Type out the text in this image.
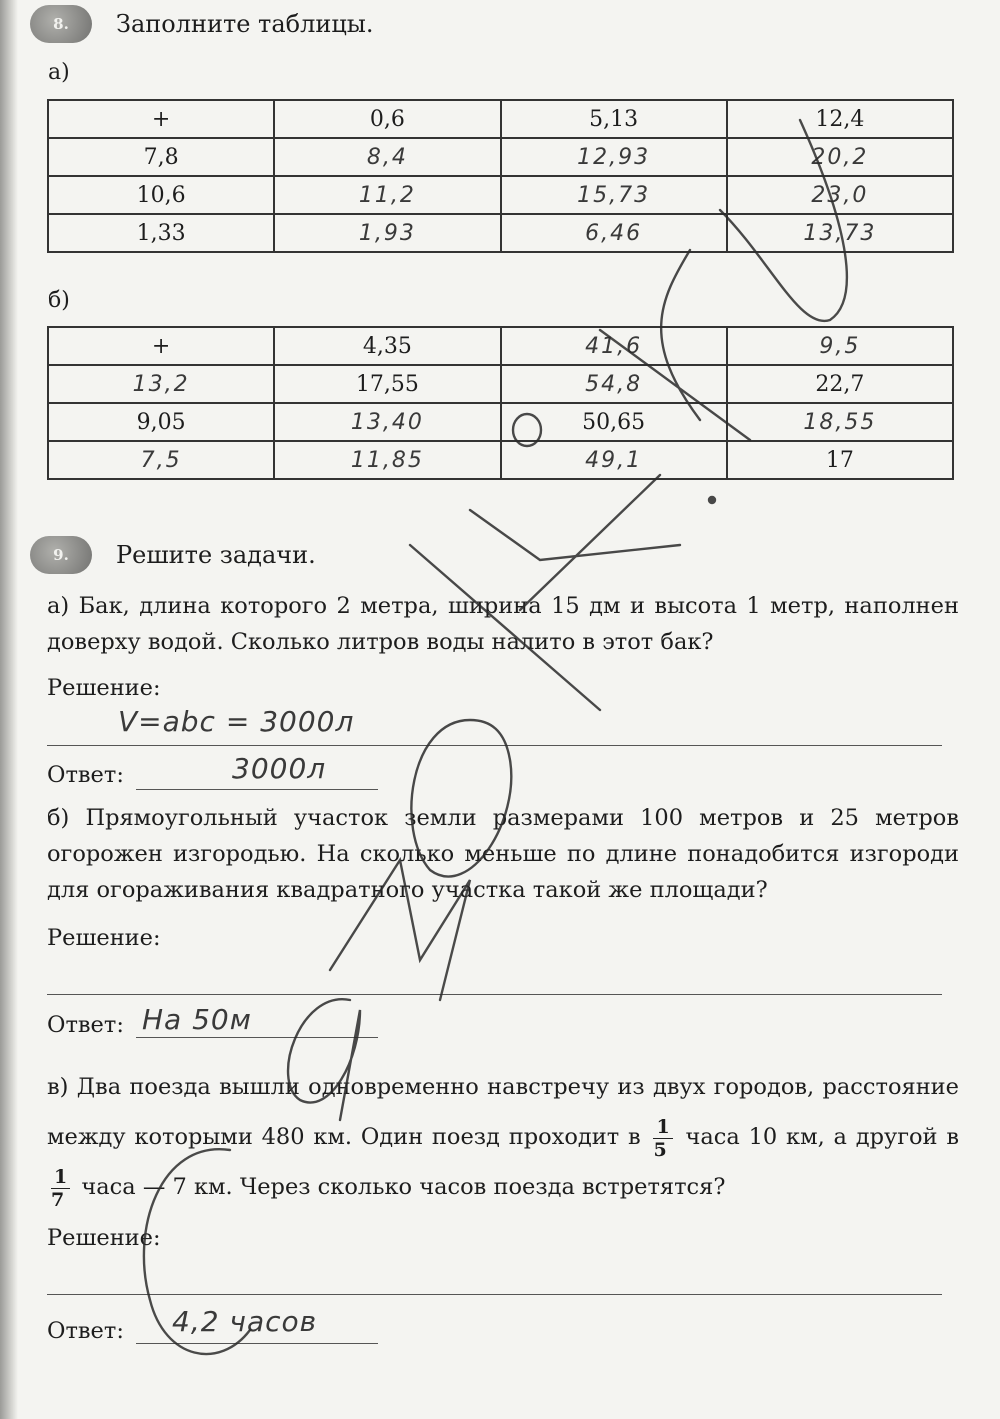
8.	Заполните таблицы.
а)
+	0,6	5,13	12,4
7,8	8,4	12,93	20,2
10,6	11,2	15,73	23,0
1,33	1,93	6,46	13,73
б)
+	4,35	41,6	9,5
13,2	17,55	54,8	22,7
9,05	13,40	50,65	18,55
7,5	11,85	49,1	17
9.	Решите задачи.

а) Бак, длина которого 2 метра, ширина 15 дм и высота 1 метр, наполнен доверху водой. Сколько литров воды налито в этот бак?

Решение:
V=abc = 3000л
Ответ:	3000л

б) Прямоугольный участок земли размерами 100 метров и 25 метров огорожен изгородью. На сколько меньше по длине понадобится изгороди для огораживания квадратного участка такой же площади?

Решение:
Ответ: На 50м
в) Два поезда вышли одновременно навстречу из двух городов, расстояние между которыми 480 км. Один поезд проходит в $\frac{1}{5}$ часа 10 км, а другой в
$\frac{1}{7}$ часа — 7 км. Через сколько часов поезда встретятся?
Решение:
Ответ: 4,2 часов
